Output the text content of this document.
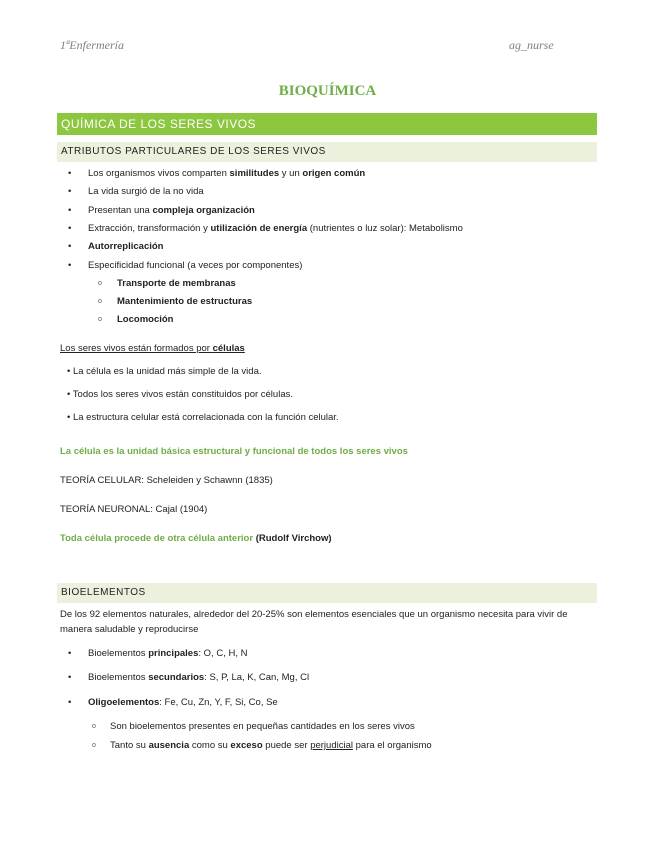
1ªEnfermería	ag_nurse
BIOQUÍMICA
QUÍMICA DE LOS SERES VIVOS
ATRIBUTOS PARTICULARES DE LOS SERES VIVOS
• Los organismos vivos comparten similitudes y un origen común
• La vida surgió de la no vida
• Presentan una compleja organización
• Extracción, transformación y utilización de energía (nutrientes o luz solar): Metabolismo
• Autorreplicación
• Especificidad funcional (a veces por componentes)
o Transporte de membranas
o Mantenimiento de estructuras
o Locomoción
Los seres vivos están formados por células
• La célula es la unidad más simple de la vida.
• Todos los seres vivos están constituidos por células.
• La estructura celular está correlacionada con la función celular.
La célula es la unidad básica estructural y funcional de todos los seres vivos
TEORÍA CELULAR: Scheleiden y Schawnn (1835)
TEORÍA NEURONAL: Cajal (1904)
Toda célula procede de otra célula anterior (Rudolf Virchow)
BIOELEMENTOS
De los 92 elementos naturales, alrededor del 20-25% son elementos esenciales que un organismo necesita para vivir de manera saludable y reproducirse
• Bioelementos principales: O, C, H, N
• Bioelementos secundarios: S, P, La, K, Can, Mg, Cl
• Oligoelementos: Fe, Cu, Zn, Y, F, Si, Co, Se
o Son bioelementos presentes en pequeñas cantidades en los seres vivos
o Tanto su ausencia como su exceso puede ser perjudicial para el organismo
